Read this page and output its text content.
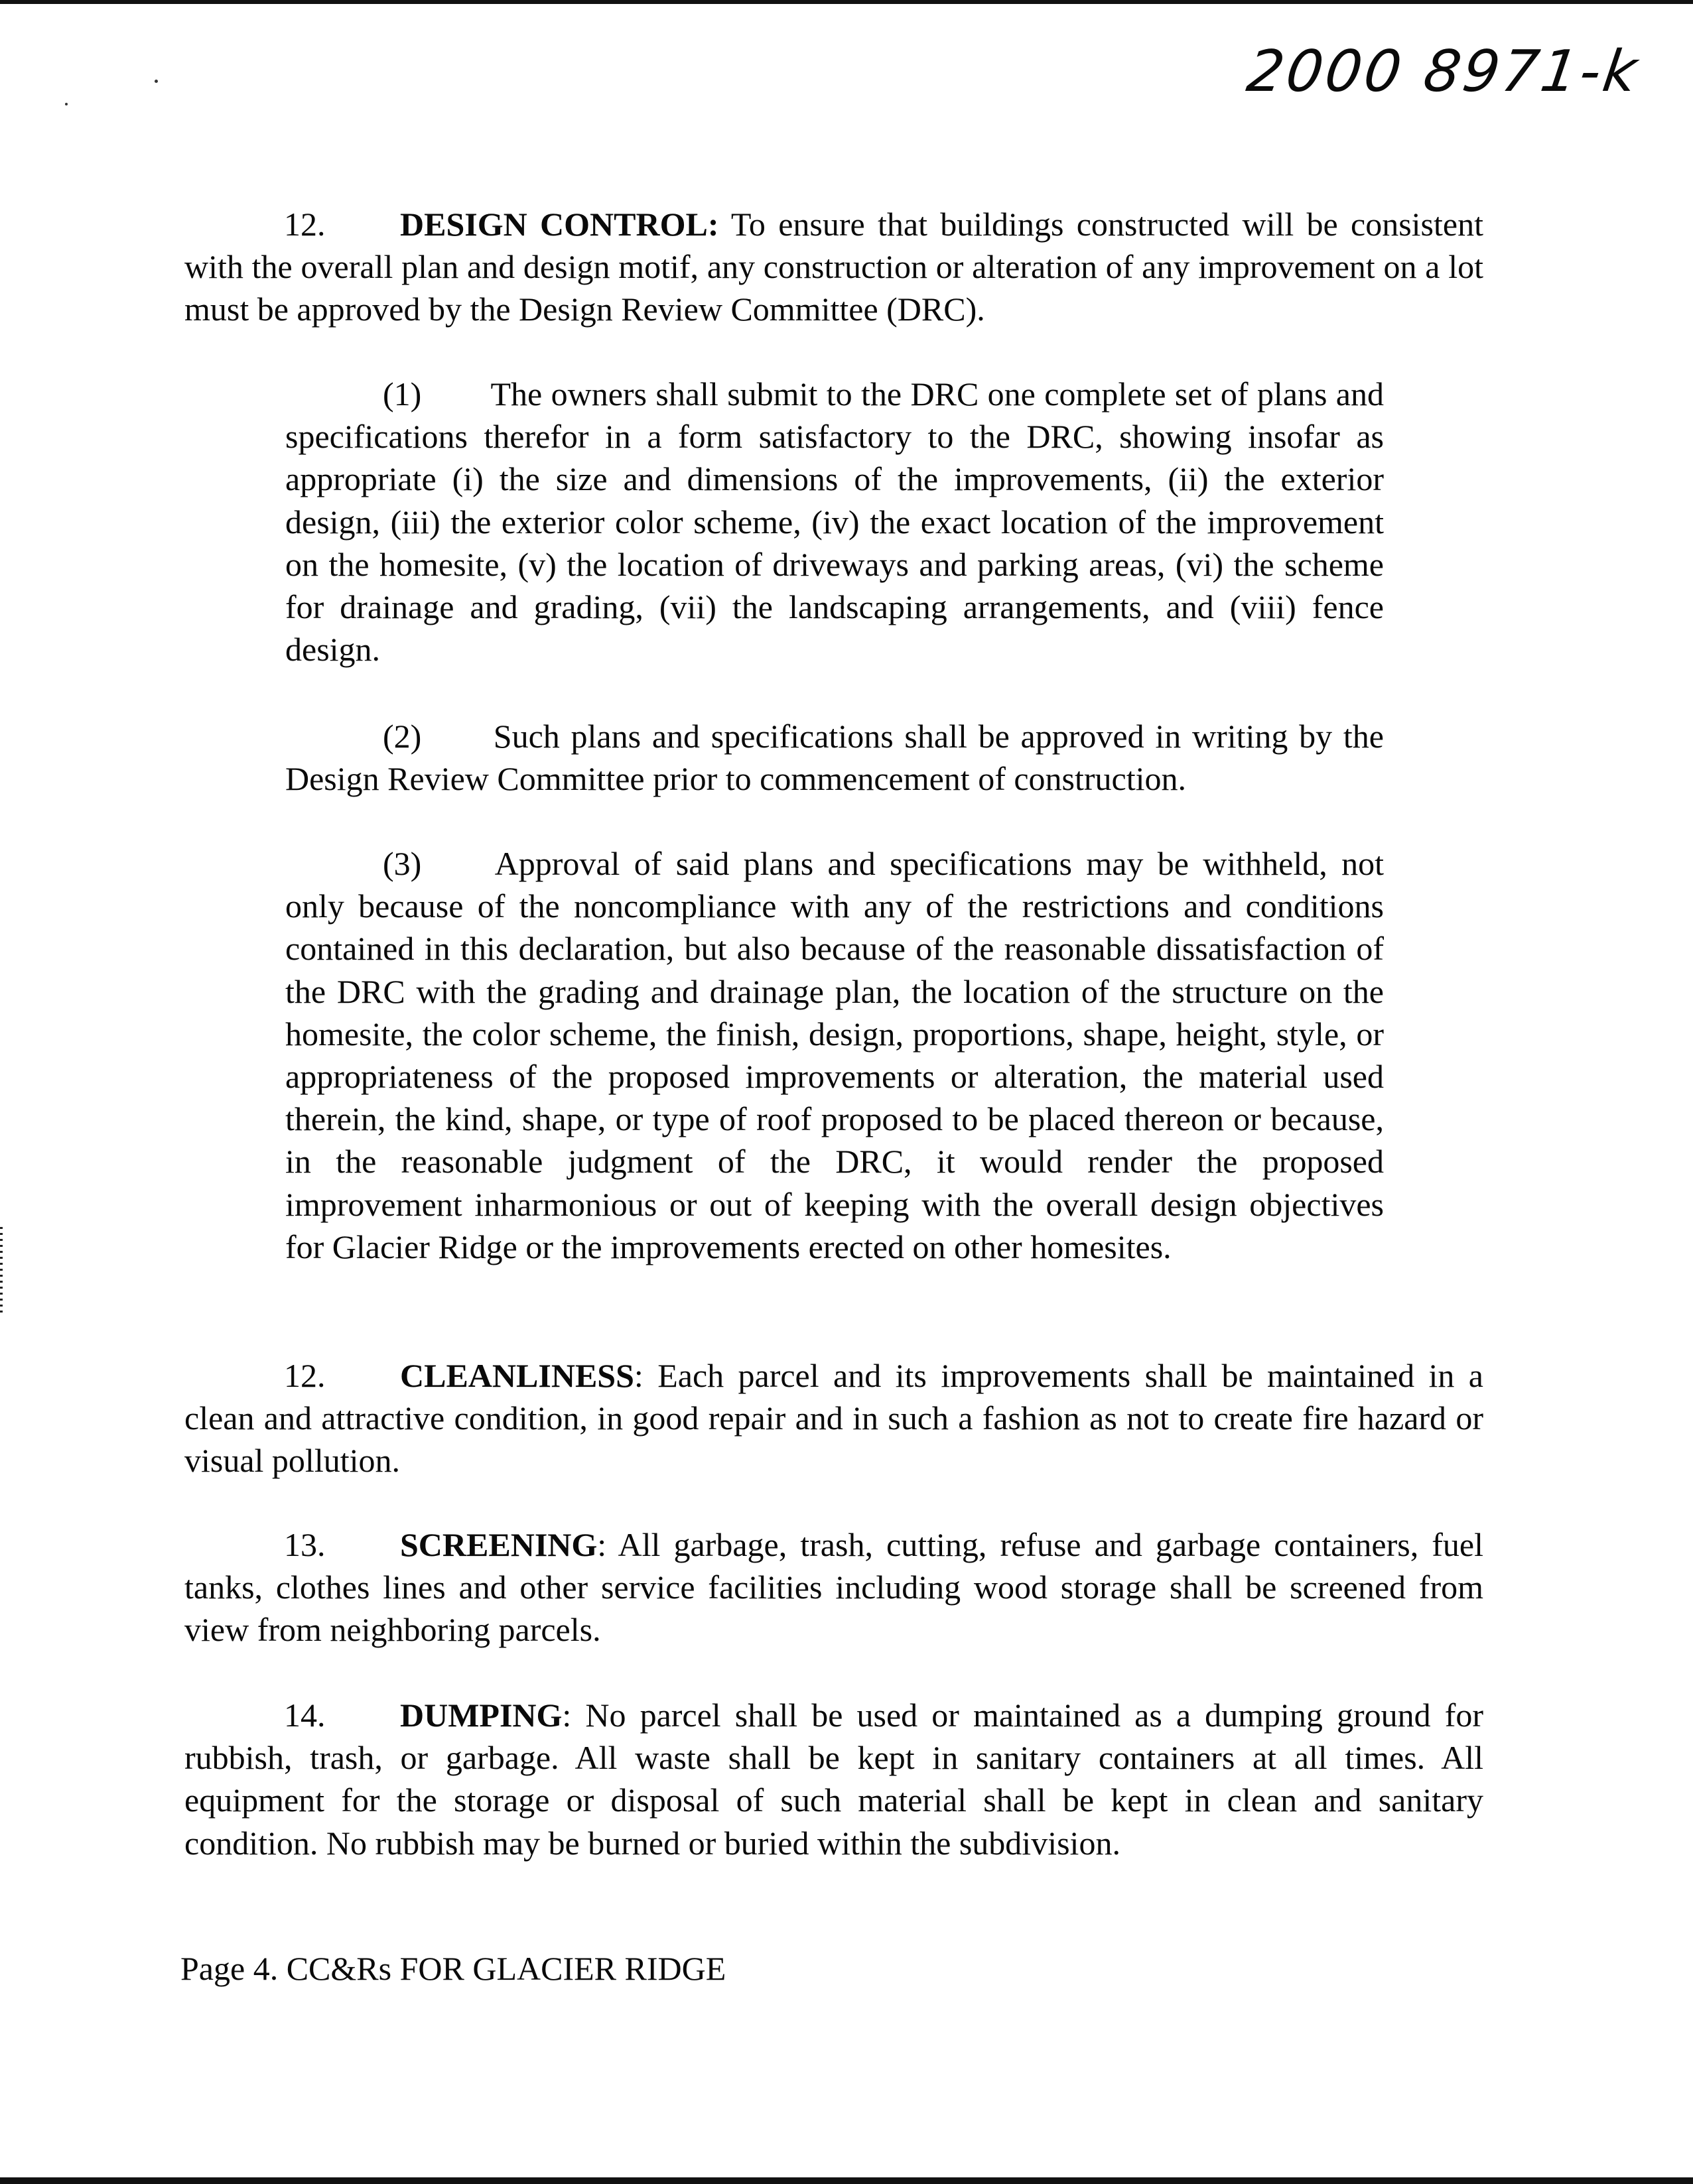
2000 8971-k

12. DESIGN CONTROL: To ensure that buildings constructed will be consistent with the overall plan and design motif, any construction or alteration of any improvement on a lot must be approved by the Design Review Committee (DRC).

(1) The owners shall submit to the DRC one complete set of plans and specifications therefor in a form satisfactory to the DRC, showing insofar as appropriate (i) the size and dimensions of the improvements, (ii) the exterior design, (iii) the exterior color scheme, (iv) the exact location of the improvement on the homesite, (v) the location of driveways and parking areas, (vi) the scheme for drainage and grading, (vii) the landscaping arrangements, and (viii) fence design.

(2) Such plans and specifications shall be approved in writing by the Design Review Committee prior to commencement of construction.

(3) Approval of said plans and specifications may be withheld, not only because of the noncompliance with any of the restrictions and conditions contained in this declaration, but also because of the reasonable dissatisfaction of the DRC with the grading and drainage plan, the location of the structure on the homesite, the color scheme, the finish, design, proportions, shape, height, style, or appropriateness of the proposed improvements or alteration, the material used therein, the kind, shape, or type of roof proposed to be placed thereon or because, in the reasonable judgment of the DRC, it would render the proposed improvement inharmonious or out of keeping with the overall design objectives for Glacier Ridge or the improvements erected on other homesites.

12. CLEANLINESS: Each parcel and its improvements shall be maintained in a clean and attractive condition, in good repair and in such a fashion as not to create fire hazard or visual pollution.

13. SCREENING: All garbage, trash, cutting, refuse and garbage containers, fuel tanks, clothes lines and other service facilities including wood storage shall be screened from view from neighboring parcels.

14. DUMPING: No parcel shall be used or maintained as a dumping ground for rubbish, trash, or garbage. All waste shall be kept in sanitary containers at all times. All equipment for the storage or disposal of such material shall be kept in clean and sanitary condition. No rubbish may be burned or buried within the subdivision.

Page 4. CC&Rs FOR GLACIER RIDGE
